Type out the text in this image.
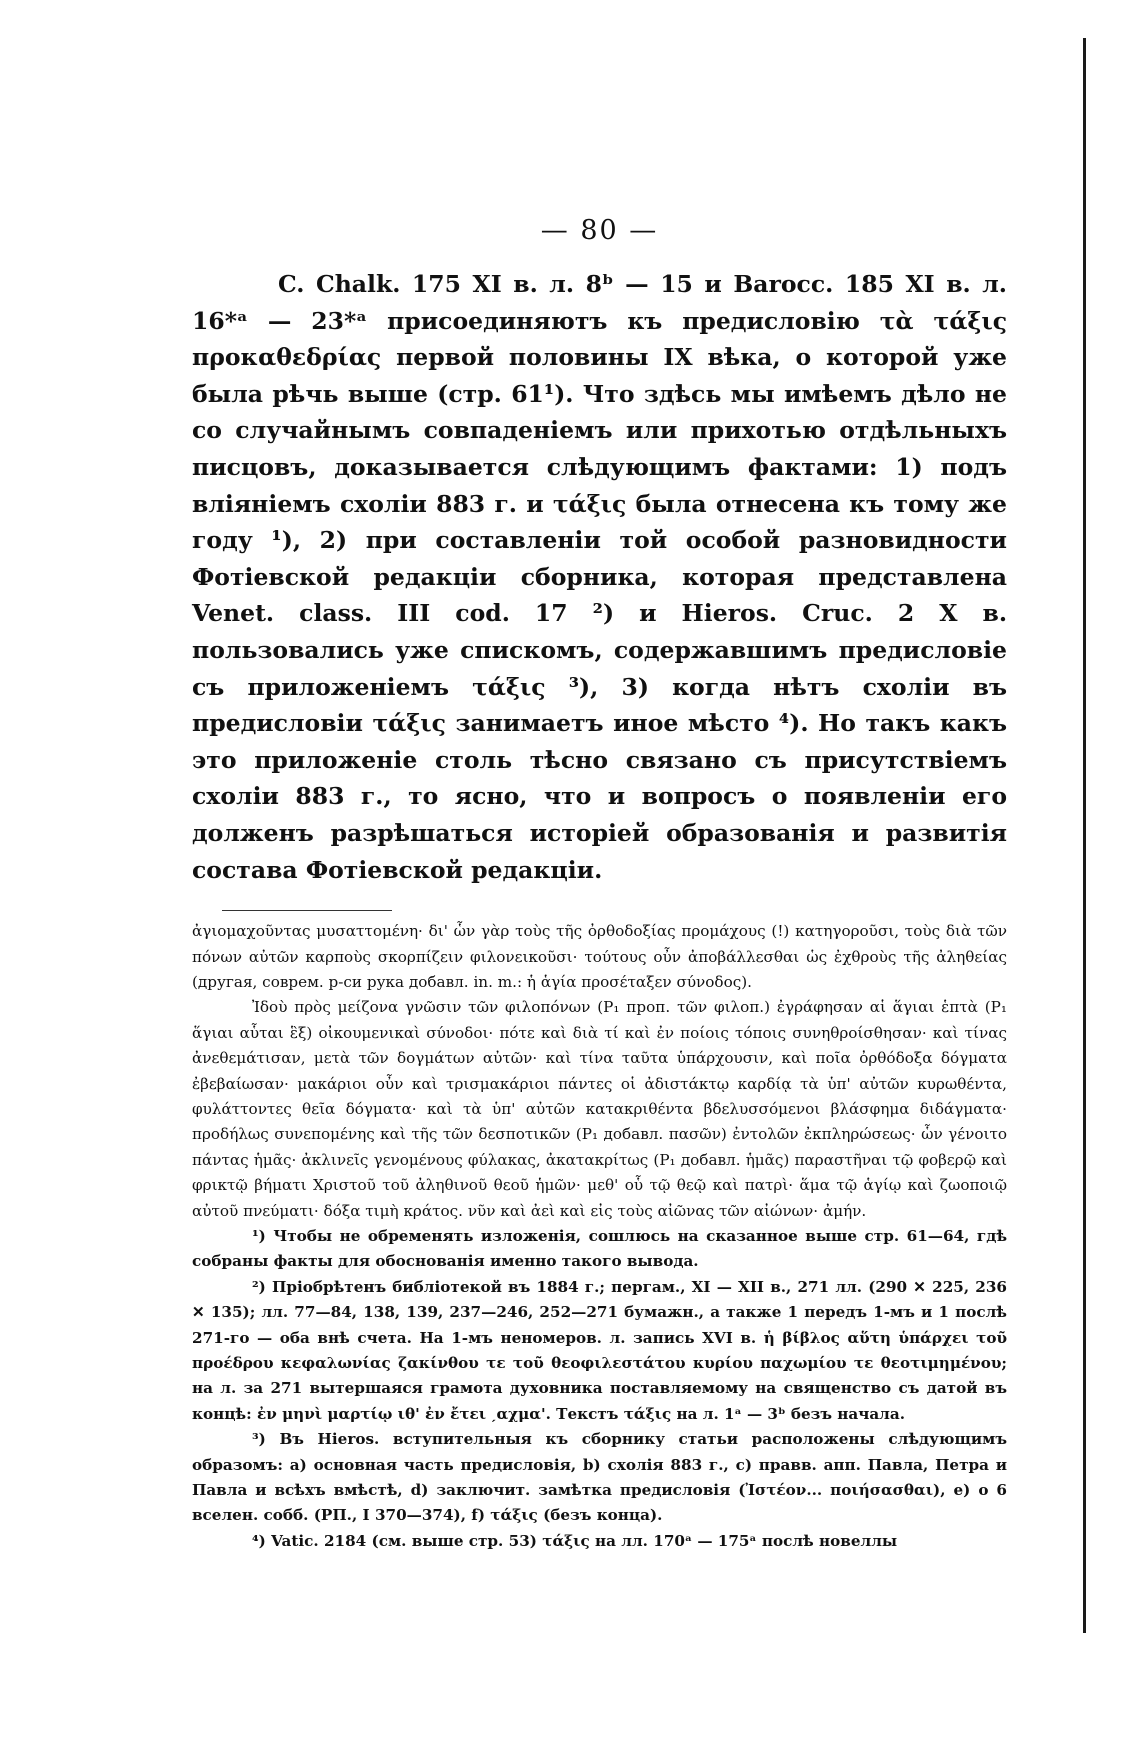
— 80 —

C. Chalk. 175 XI в. л. 8ᵇ — 15 и Barocc. 185 XI в. л. 16*ᵃ — 23*ᵃ присоединяютъ къ предисловію τὰ τάξις προκαθεδρίας первой половины IX вѣка, о которой уже была рѣчь выше (стр. 61¹). Что здѣсь мы имѣемъ дѣло не со случайнымъ совпаденіемъ или прихотью отдѣльныхъ писцовъ, доказывается слѣдующимъ фактами: 1) подъ вліяніемъ схоліи 883 г. и τάξις была отнесена къ тому же году ¹), 2) при составленіи той особой разновидности Фотіевской редакціи сборника, которая представлена Venet. class. III cod. 17 ²) и Hieros. Cruc. 2 X в. пользовались уже спискомъ, содержавшимъ предисловіе съ приложеніемъ τάξις ³), 3) когда нѣтъ схоліи въ предисловіи τάξις занимаетъ иное мѣсто ⁴). Но такъ какъ это приложеніе столь тѣсно связано съ присутствіемъ схоліи 883 г., то ясно, что и вопросъ о появленіи его долженъ разрѣшаться исторіей образованія и развитія состава Фотіевской редакціи.

ἀγιομαχοῦντας μυσαττομένη· δι' ὧν γὰρ τοὺς τῆς ὀρθοδοξίας προμάχους (!) κατηγοροῦσι, τοὺς διὰ τῶν πόνων αὐτῶν καρποὺς σκορπίζειν φιλονεικοῦσι· τούτους οὖν ἀποβάλλεσθαι ὡς ἐχθροὺς τῆς ἀληθείας (другая, соврем. р-си рука добавл. in. m.: ἡ ἁγία προσέταξεν σύνοδος).

Ἰδοὺ πρὸς μείζονα γνῶσιν τῶν φιλοπόνων (P₁ проп. τῶν φιλοπ.) ἐγράφησαν αἱ ἅγιαι ἑπτὰ (P₁ ἅγιαι αὗται ἓξ) οἰκουμενικαὶ σύνοδοι· πότε καὶ διὰ τί καὶ ἐν ποίοις τόποις συνηθροίσθησαν· καὶ τίνας ἀνεθεμάτισαν, μετὰ τῶν δογμάτων αὐτῶν· καὶ τίνα ταῦτα ὑπάρχουσιν, καὶ ποῖα ὀρθόδοξα δόγματα ἐβεβαίωσαν· μακάριοι οὖν καὶ τρισμακάριοι πάντες οἱ ἀδιστάκτῳ καρδίᾳ τὰ ὑπ' αὐτῶν κυρωθέντα, φυλάττοντες θεῖα δόγματα· καὶ τὰ ὑπ' αὐτῶν κατακριθέντα βδελυσσόμενοι βλάσφημα διδάγματα· προδήλως συνεπομένης καὶ τῆς τῶν δεσποτικῶν (P₁ добавл. πασῶν) ἐντολῶν ἐκπληρώσεως· ὧν γένοιτο πάντας ἡμᾶς· ἀκλινεῖς γενομένους φύλακας, ἀκατακρίτως (P₁ добавл. ἡμᾶς) παραστῆναι τῷ φοβερῷ καὶ φρικτῷ βήματι Χριστοῦ τοῦ ἀληθινοῦ θεοῦ ἡμῶν· μεθ' οὗ τῷ θεῷ καὶ πατρὶ· ἅμα τῷ ἁγίῳ καὶ ζωοποιῷ αὐτοῦ πνεύματι· δόξα τιμὴ κράτος. νῦν καὶ ἀεὶ καὶ εἰς τοὺς αἰῶνας τῶν αἰώνων· ἀμήν.

¹) Чтобы не обременять изложенія, сошлюсь на сказанное выше стр. 61—64, гдѣ собраны факты для обоснованія именно такого вывода.

²) Пріобрѣтенъ библіотекой въ 1884 г.; пергам., XI — XII в., 271 лл. (290 ✕ 225, 236 ✕ 135); лл. 77—84, 138, 139, 237—246, 252—271 бумажн., а также 1 передъ 1-мъ и 1 послѣ 271-го — оба внѣ счета. На 1-мъ неномеров. л. запись XVI в. ἡ βίβλος αὕτη ὑπάρχει τοῦ προέδρου κεφαλωνίας ζακίνθου τε τοῦ θεοφιλεστάτου κυρίου παχωμίου τε θεοτιμημένου; на л. за 271 вытершаяся грамота духовника поставляемому на священство съ датой въ концѣ: ἐν μηνὶ μαρτίῳ ιθ' ἐν ἔτει ˏαχμα'. Текстъ τάξις на л. 1ᵃ — 3ᵇ безъ начала.

³) Въ Hieros. вступительныя къ сборнику статьи расположены слѣдующимъ образомъ: а) основная часть предисловія, b) схолія 883 г., c) правв. апп. Павла, Петра и Павла и всѣхъ вмѣстѣ, d) заключит. замѣтка предисловія (Ἰστέον... ποιήσασθαι), e) о 6 вселен. собб. (РП., I 370—374), f) τάξις (безъ конца).

⁴) Vatic. 2184 (см. выше стр. 53) τάξις на лл. 170ᵃ — 175ᵃ послѣ новеллы
